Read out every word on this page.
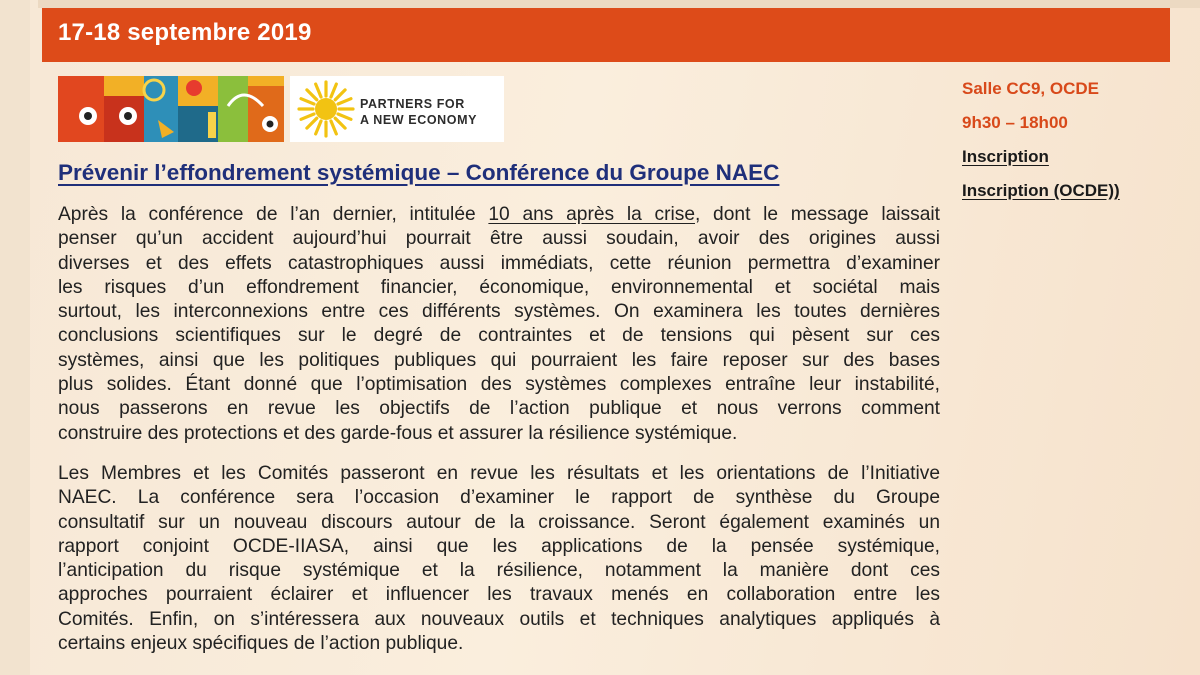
17-18 septembre 2019
PARTNERS FOR
A NEW ECONOMY
Salle CC9, OCDE
9h30 – 18h00
Inscription
Inscription (OCDE))
Prévenir l’effondrement systémique – Conférence du Groupe NAEC
Après la conférence de l’an dernier, intitulée 10 ans après la crise, dont le message laissait
penser qu’un accident aujourd’hui pourrait être aussi soudain, avoir des origines aussi
diverses et des effets catastrophiques aussi immédiats, cette réunion permettra d’examiner
les risques d’un effondrement financier, économique, environnemental et sociétal mais
surtout, les interconnexions entre ces différents systèmes. On examinera les toutes dernières
conclusions scientifiques sur le degré de contraintes et de tensions qui pèsent sur ces
systèmes, ainsi que les politiques publiques qui pourraient les faire reposer sur des bases
plus solides. Étant donné que l’optimisation des systèmes complexes entraîne leur instabilité,
nous passerons en revue les objectifs de l’action publique et nous verrons comment
construire des protections et des garde-fous et assurer la résilience systémique.
Les Membres et les Comités passeront en revue les résultats et les orientations de l’Initiative
NAEC. La conférence sera l’occasion d’examiner le rapport de synthèse du Groupe
consultatif sur un nouveau discours autour de la croissance. Seront également examinés un
rapport conjoint OCDE-IIASA, ainsi que les applications de la pensée systémique,
l’anticipation du risque systémique et la résilience, notamment la manière dont ces
approches pourraient éclairer et influencer les travaux menés en collaboration entre les
Comités. Enfin, on s’intéressera aux nouveaux outils et techniques analytiques appliqués à
certains enjeux spécifiques de l’action publique.
